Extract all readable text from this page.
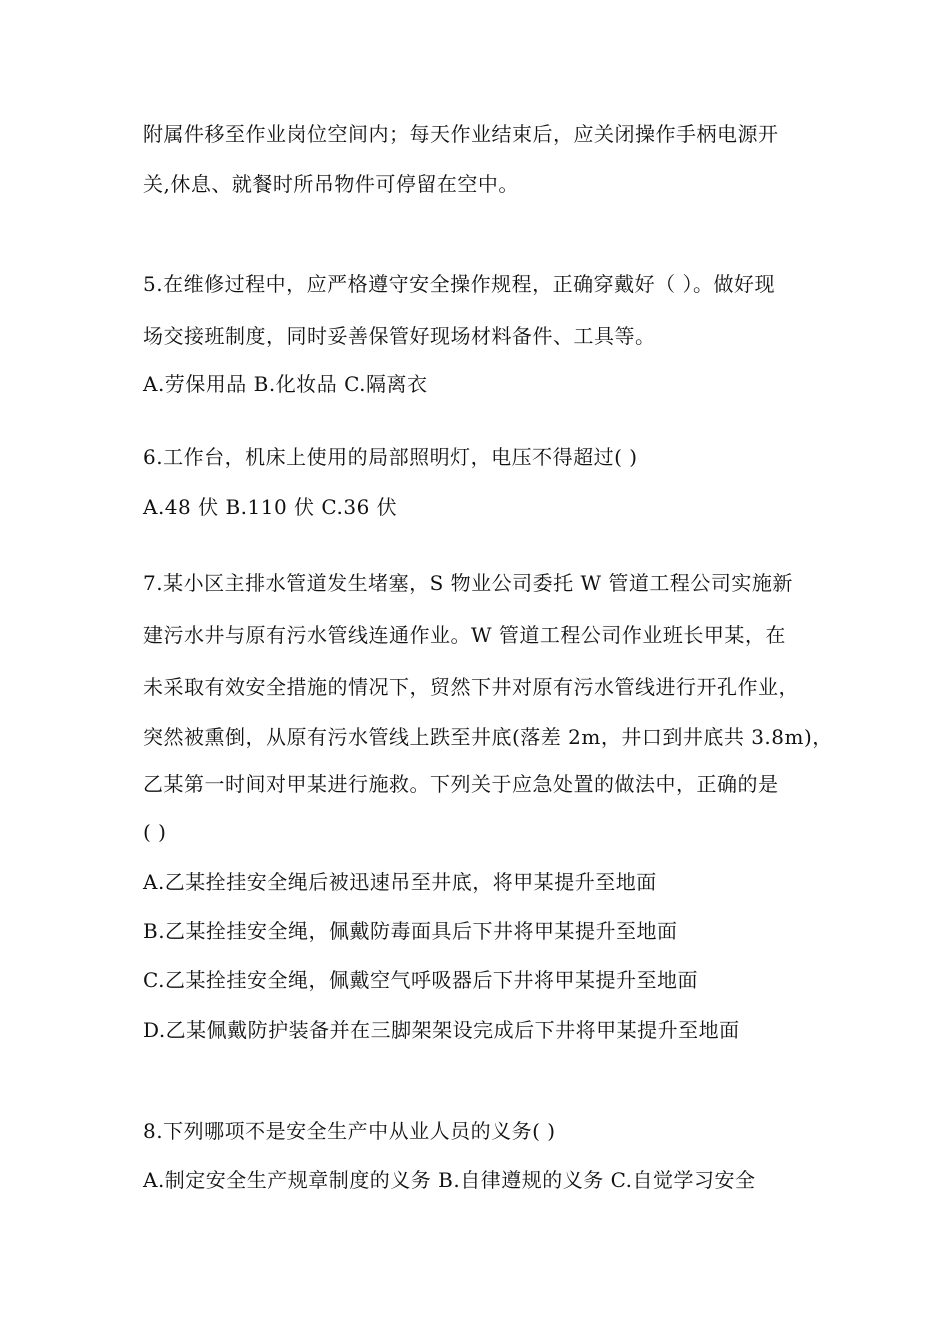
附属件移至作业岗位空间内；每天作业结束后，应关闭操作手柄电源开
关,休息、就餐时所吊物件可停留在空中。
5.在维修过程中，应严格遵守安全操作规程，正确穿戴好（ ）。做好现
场交接班制度，同时妥善保管好现场材料备件、工具等。
A.劳保用品 B.化妆品 C.隔离衣
6.工作台，机床上使用的局部照明灯，电压不得超过( )
A.48 伏 B.110 伏 C.36 伏
7.某小区主排水管道发生堵塞，S 物业公司委托 W 管道工程公司实施新
建污水井与原有污水管线连通作业。W 管道工程公司作业班长甲某，在
未采取有效安全措施的情况下，贸然下井对原有污水管线进行开孔作业，
突然被熏倒，从原有污水管线上跌至井底(落差 2m，井口到井底共 3.8m)，
乙某第一时间对甲某进行施救。下列关于应急处置的做法中，正确的是
( )
A.乙某拴挂安全绳后被迅速吊至井底，将甲某提升至地面
B.乙某拴挂安全绳，佩戴防毒面具后下井将甲某提升至地面
C.乙某拴挂安全绳，佩戴空气呼吸器后下井将甲某提升至地面
D.乙某佩戴防护装备并在三脚架架设完成后下井将甲某提升至地面
8.下列哪项不是安全生产中从业人员的义务( )
A.制定安全生产规章制度的义务 B.自律遵规的义务 C.自觉学习安全
